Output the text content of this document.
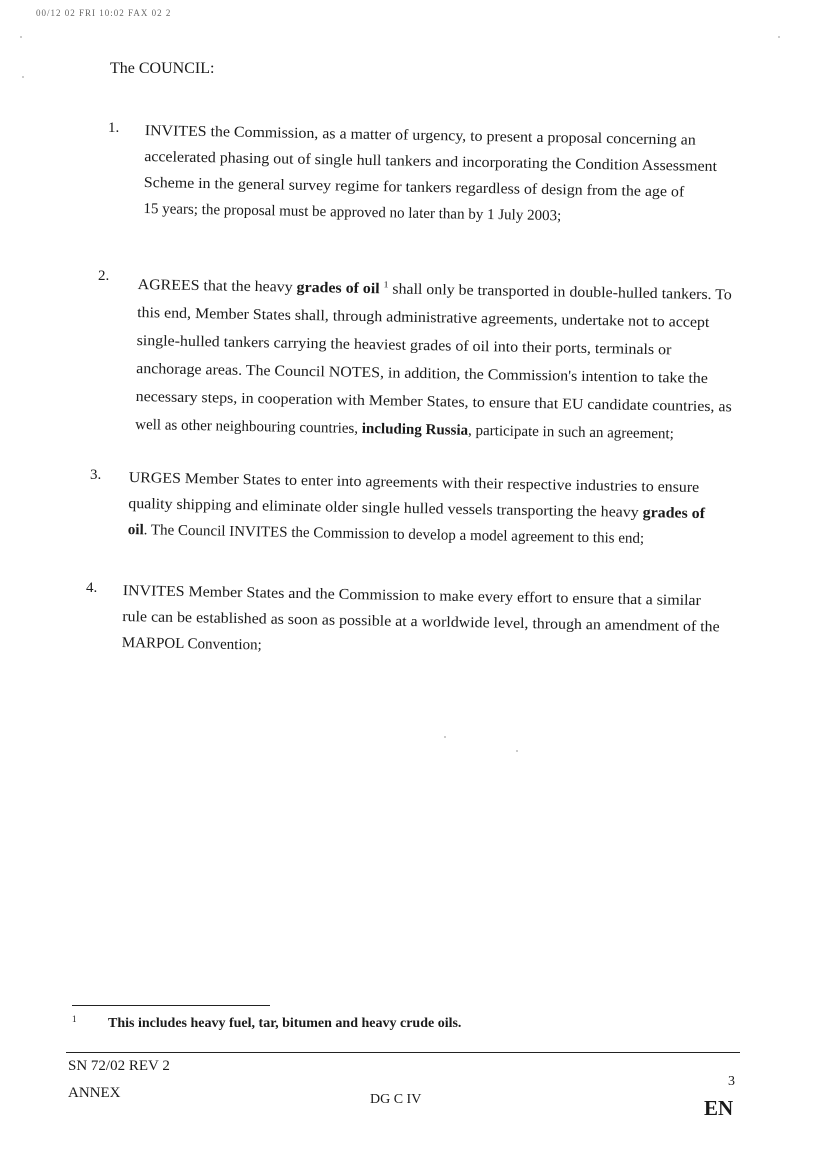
00/12 02 FRI 10:02 FAX 02 2
The COUNCIL:
1. INVITES the Commission, as a matter of urgency, to present a proposal concerning an
accelerated phasing out of single hull tankers and incorporating the Condition Assessment
Scheme in the general survey regime for tankers regardless of design from the age of
15 years; the proposal must be approved no later than by 1 July 2003;
2.
AGREES that the heavy grades of oil $^1$ shall only be transported in double-hulled tankers. To
this end, Member States shall, through administrative agreements, undertake not to accept
single-hulled tankers carrying the heaviest grades of oil into their ports, terminals or
anchorage areas. The Council NOTES, in addition, the Commission's intention to take the
necessary steps, in cooperation with Member States, to ensure that EU candidate countries, as
well as other neighbouring countries, including Russia, participate in such an agreement;
3. URGES Member States to enter into agreements with their respective industries to ensure
quality shipping and eliminate older single hulled vessels transporting the heavy grades of
oil. The Council INVITES the Commission to develop a model agreement to this end;
4. INVITES Member States and the Commission to make every effort to ensure that a similar
rule can be established as soon as possible at a worldwide level, through an amendment of the
MARPOL Convention;
1 This includes heavy fuel, tar, bitumen and heavy crude oils.
SN 72/02 REV 2
ANNEX	DG C IV
3
EN
